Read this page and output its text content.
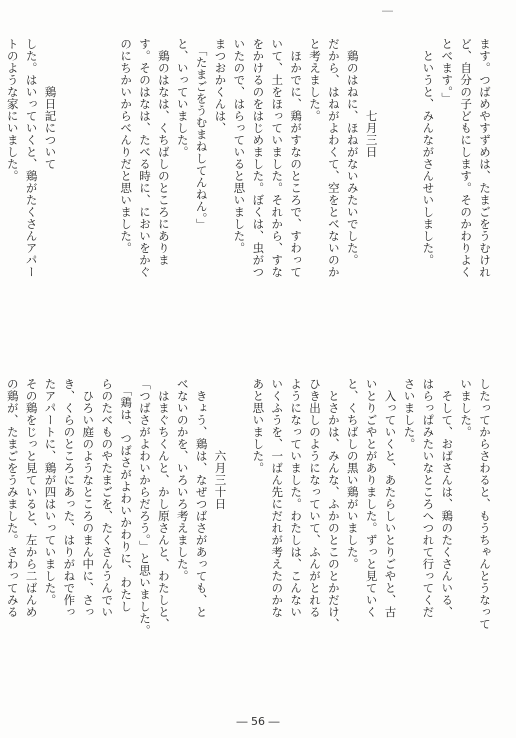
―
ます。つばめやすずめは、たまごをうむけれ
ど、自分の子どもにします。そのかわりよく
とべます。」
　というと、みんながさんせいしました。
　　　　　　七月三日
　鶏のはねに、ほねがないみたいでした。
だから、はねがよわくて、空をとべないのか
と考えました。
　ほかでに、鶏がすなのところで、すわって
いて、土をほっていました。それから、すな
をかけるのをはじめました。ぼくは、虫がつ
いたので、はらっていると思いました。
まつおかくんは、
　「たまごをうむまねしてんねん。」
と、いっていました。
　鶏のはなは、くちばしのところにありま
す。そのはなは、たべる時に、においをかぐ
のにちかいからべんりだと思いました。
　　　　鶏日記について
した。はいっていくと、鶏がたくさんアパー
トのような家にいました。
したってからさわると、もうちゃんとうなって
いました。
　そして、おばさんは、鶏のたくさんいる、
はらっぱみたいなところへつれて行ってくだ
さいました。
　入っていくと、あたらしいとりごやと、古
いとりごやとがありました。ずっと見ていく
と、くちばしの黒い鶏がいました。
　とさかは、みんな、ふかのとこのとかだけ、
ひき出しのようになっていて、ふんがとれる
ようになっていました。わたしは、こんない
いくふうを、一ばん先にだれが考えたのかな
あと思いました。
　　　　　　六月三十日
　きょう、鶏は、なぜつばさがあっても、と
べないのかを、いろいろ考えました。
　はまぐちくんと、かし原さんと、わたしと、
「つばさがよわいからだろう。」と思いました。
　「鶏は、つばさがよわいかわりに、わたし
らのたべものやたまごを、たくさんうんでい
　ひろい庭のようなところのまん中に、さっ
き、くらのところにあった、はりがねで作っ
たアパートに、鶏が四はいっていました。
その鶏をじっと見ていると、左から二ばんめ
の鶏が、たまごをうみました。さわってみる
― 56 ―
